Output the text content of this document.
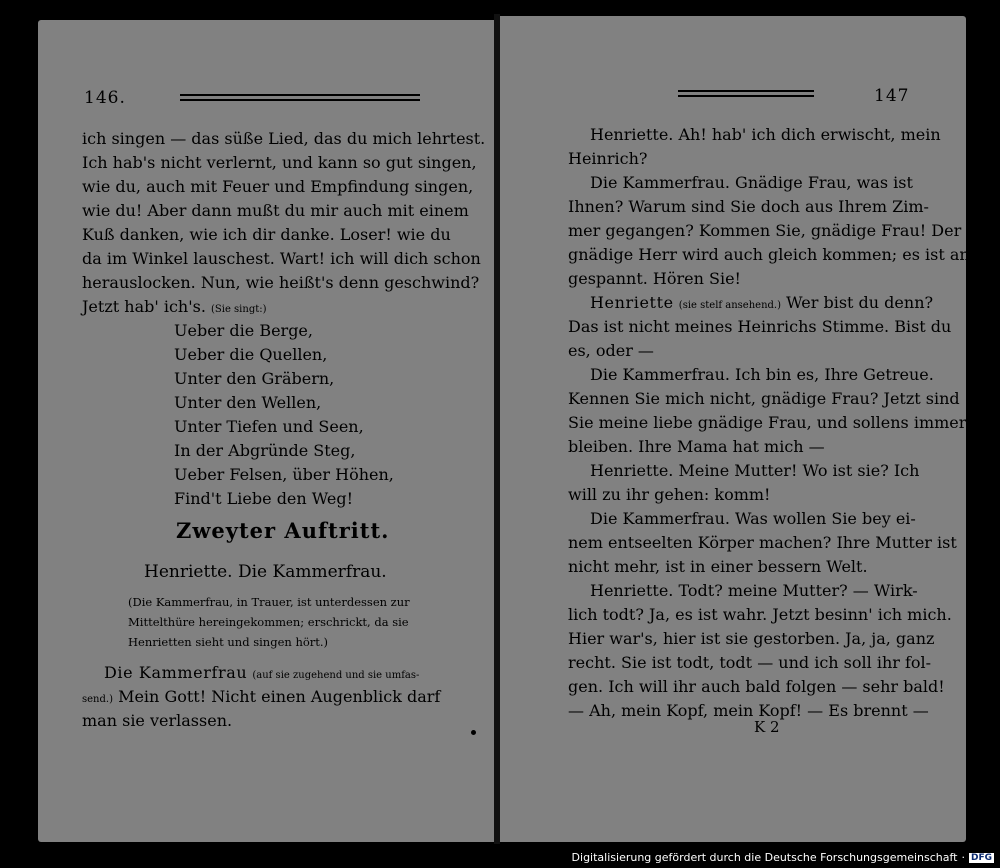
146.
ich singen — das süße Lied, das du mich lehrtest.
Ich hab's nicht verlernt, und kann so gut singen,
wie du, auch mit Feuer und Empfindung singen,
wie du! Aber dann mußt du mir auch mit einem
Kuß danken, wie ich dir danke. Loser! wie du
da im Winkel lauschest. Wart! ich will dich schon
herauslocken. Nun, wie heißt's denn geschwind?
Jetzt hab' ich's. (Sie singt:)
Ueber die Berge,
Ueber die Quellen,
Unter den Gräbern,
Unter den Wellen,
Unter Tiefen und Seen,
In der Abgründe Steg,
Ueber Felsen, über Höhen,
Find't Liebe den Weg!
Zweyter Auftritt.
Henriette. Die Kammerfrau.
(Die Kammerfrau, in Trauer, ist unterdessen zur
Mittelthüre hereingekommen; erschrickt, da sie
Henrietten sieht und singen hört.)
Die Kammerfrau (auf sie zugehend und sie umfas-
send.) Mein Gott! Nicht einen Augenblick darf
man sie verlassen.
147
Henriette. Ah! hab' ich dich erwischt, mein
Heinrich?
Die Kammerfrau. Gnädige Frau, was ist
Ihnen? Warum sind Sie doch aus Ihrem Zim-
mer gegangen? Kommen Sie, gnädige Frau! Der
gnädige Herr wird auch gleich kommen; es ist an-
gespannt. Hören Sie!
Henriette (sie stelf ansehend.) Wer bist du denn?
Das ist nicht meines Heinrichs Stimme. Bist du
es, oder —
Die Kammerfrau. Ich bin es, Ihre Getreue.
Kennen Sie mich nicht, gnädige Frau? Jetzt sind
Sie meine liebe gnädige Frau, und sollens immer
bleiben. Ihre Mama hat mich —
Henriette. Meine Mutter! Wo ist sie? Ich
will zu ihr gehen: komm!
Die Kammerfrau. Was wollen Sie bey ei-
nem entseelten Körper machen? Ihre Mutter ist
nicht mehr, ist in einer bessern Welt.
Henriette. Todt? meine Mutter? — Wirk-
lich todt? Ja, es ist wahr. Jetzt besinn' ich mich.
Hier war's, hier ist sie gestorben. Ja, ja, ganz
recht. Sie ist todt, todt — und ich soll ihr fol-
gen. Ich will ihr auch bald folgen — sehr bald!
— Ah, mein Kopf, mein Kopf! — Es brennt —
K 2
Digitalisierung gefördert durch die Deutsche Forschungsgemeinschaft · DFG
